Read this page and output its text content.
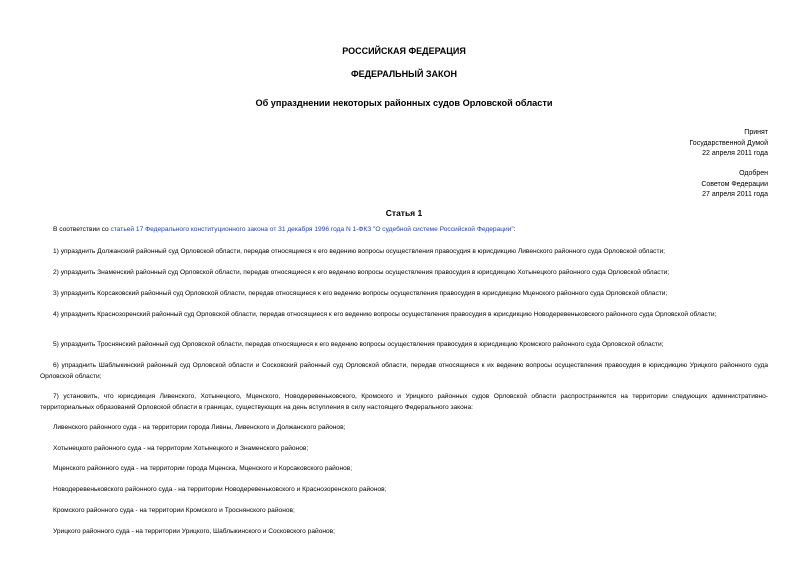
РОССИЙСКАЯ ФЕДЕРАЦИЯ
ФЕДЕРАЛЬНЫЙ ЗАКОН
Об упразднении некоторых районных судов Орловской области
Принят
Государственной Думой
22 апреля 2011 года
Одобрен
Советом Федерации
27 апреля 2011 года
Статья 1

В соответствии со статьей 17 Федерального конституционного закона от 31 декабря 1996 года N 1-ФКЗ "О судебной системе Российской Федерации":

1) упразднить Должанский районный суд Орловской области, передав относящиеся к его ведению вопросы осуществления правосудия в юрисдикцию Ливенского районного суда Орловской области;

2) упразднить Знаменский районный суд Орловской области, передав относящиеся к его ведению вопросы осуществления правосудия в юрисдикцию Хотынецкого районного суда Орловской области;

3) упразднить Корсаковский районный суд Орловской области, передав относящиеся к его ведению вопросы осуществления правосудия в юрисдикцию Мценского районного суда Орловской области;

4) упразднить Краснозоренский районный суд Орловской области, передав относящиеся к его ведению вопросы осуществления правосудия в юрисдикцию Новодеревеньковского районного суда Орловской области;

5) упразднить Троснянский районный суд Орловской области, передав относящиеся к его ведению вопросы осуществления правосудия в юрисдикцию Кромского районного суда Орловской области;

6) упразднить Шаблыкинский районный суд Орловской области и Сосковский районный суд Орловской области, передав относящиеся к их ведению вопросы осуществления правосудия в юрисдикцию Урицкого районного суда Орловской области;

7) установить, что юрисдикция Ливенского, Хотынецкого, Мценского, Новодеревеньковского, Кромского и Урицкого районных судов Орловской области распространяется на территории следующих административно-территориальных образований Орловской области в границах, существующих на день вступления в силу настоящего Федерального закона:

Ливенского районного суда - на территории города Ливны, Ливенского и Должанского районов;

Хотынецкого районного суда - на территории Хотынецкого и Знаменского районов;

Мценского районного суда - на территории города Мценска, Мценского и Корсаковского районов;

Новодеревеньковского районного суда - на территории Новодеревеньковского и Краснозоренского районов;

Кромского районного суда - на территории Кромского и Троснянского районов;

Урицкого районного суда - на территории Урицкого, Шаблыкинского и Сосковского районов;
